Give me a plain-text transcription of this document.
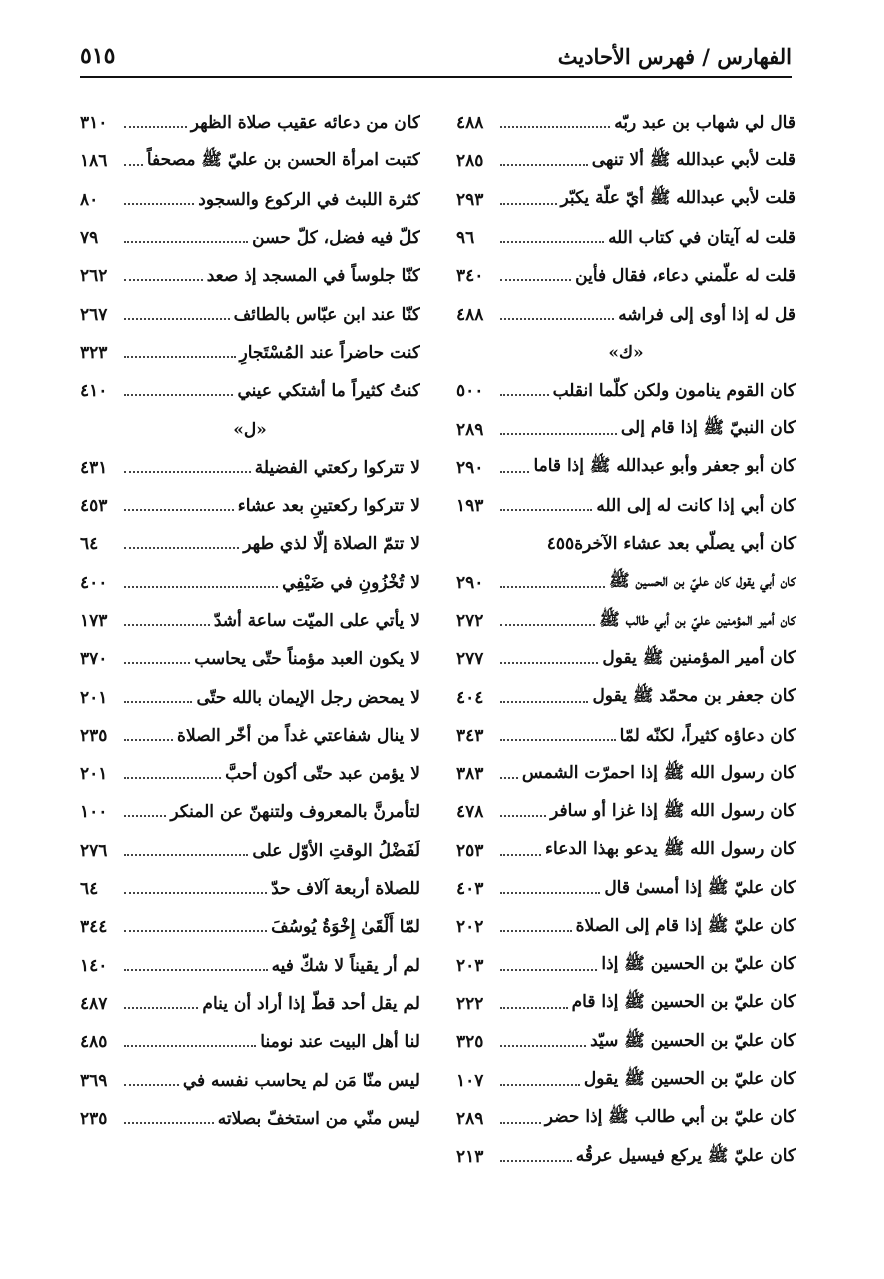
٥١٥	الفهارس / فهرس الأحاديث
قال لي شهاب بن عبد ربّه
٤٨٨
قلت لأبي عبدالله ﷺ ألا تنهى
٢٨٥
قلت لأبي عبدالله ﷺ أيّ علّة يكبّر
٢٩٣
قلت له آيتان في كتاب الله
٩٦
قلت له علّمني دعاء، فقال فأين
٣٤٠
قل له إذا أوى إلى فراشه
٤٨٨
«ك»
كان القوم ينامون ولكن كلّما انقلب
٥٠٠
كان النبيّ ﷺ إذا قام إلى
٢٨٩
كان أبو جعفر وأبو عبدالله ﷺ إذا قاما
٢٩٠
كان أبي إذا كانت له إلى الله
١٩٣
كان أبي يصلّي بعد عشاء الآخرة٤٥٥
كان أبي يقول كان عليّ بن الحسين ﷺ
٢٩٠
كان أمير المؤمنين عليّ بن أبي طالب ﷺ
٢٧٢
كان أمير المؤمنين ﷺ يقول
٢٧٧
كان جعفر بن محمّد ﷺ يقول
٤٠٤
كان دعاؤه كثيراً، لكنّه لمّا
٣٤٣
كان رسول الله ﷺ إذا احمرّت الشمس
٣٨٣
كان رسول الله ﷺ إذا غزا أو سافر
٤٧٨
كان رسول الله ﷺ يدعو بهذا الدعاء
٢٥٣
كان عليّ ﷺ إذا أمسىٰ قال
٤٠٣
كان عليّ ﷺ إذا قام إلى الصلاة
٢٠٢
كان عليّ بن الحسين ﷺ إذا
٢٠٣
كان عليّ بن الحسين ﷺ إذا قام
٢٢٢
كان عليّ بن الحسين ﷺ سيّد
٣٢٥
كان عليّ بن الحسين ﷺ يقول
١٠٧
كان عليّ بن أبي طالب ﷺ إذا حضر
٢٨٩
كان عليّ ﷺ يركع فيسيل عرقُه
٢١٣
كان من دعائه عقيب صلاة الظهر
٣١٠
كتبت امرأة الحسن بن عليّ ﷺ مصحفاً
١٨٦
كثرة اللبث في الركوع والسجود
٨٠
كلّ فيه فضل، كلّ حسن
٧٩
كنّا جلوساً في المسجد إذ صعد
٢٦٢
كنّا عند ابن عبّاس بالطائف
٢٦٧
كنت حاضراً عند المُسْتَجارِ
٣٢٣
كنتُ كثيراً ما أشتكي عيني
٤١٠
«ل»
لا تتركوا ركعتي الفضيلة
٤٣١
لا تتركوا ركعتينِ بعد عشاء
٤٥٣
لا تتمّ الصلاة إلّا لذي طهر
٦٤
لا تُخْزُونِ في ضَيْفِي
٤٠٠
لا يأتي على الميّت ساعة أشدّ
١٧٣
لا يكون العبد مؤمناً حتّى يحاسب
٣٧٠
لا يمحض رجل الإيمان بالله حتّى
٢٠١
لا ينال شفاعتي غداً من أخّر الصلاة
٢٣٥
لا يؤمن عبد حتّى أكون أحبَّ
٢٠١
لتأمرنَّ بالمعروف ولتنهنّ عن المنكر
١٠٠
لَفَضْلُ الوقتِ الأوّل على
٢٧٦
للصلاة أربعة آلاف حدّ
٦٤
لمّا أَلْقَىٰ إِخْوَةُ يُوسُفَ
٣٤٤
لم أر يقيناً لا شكّ فيه
١٤٠
لم يقل أحد قطّ إذا أراد أن ينام
٤٨٧
لنا أهل البيت عند نومنا
٤٨٥
ليس منّا مَن لم يحاسب نفسه في
٣٦٩
ليس منّي من استخفّ بصلاته
٢٣٥
